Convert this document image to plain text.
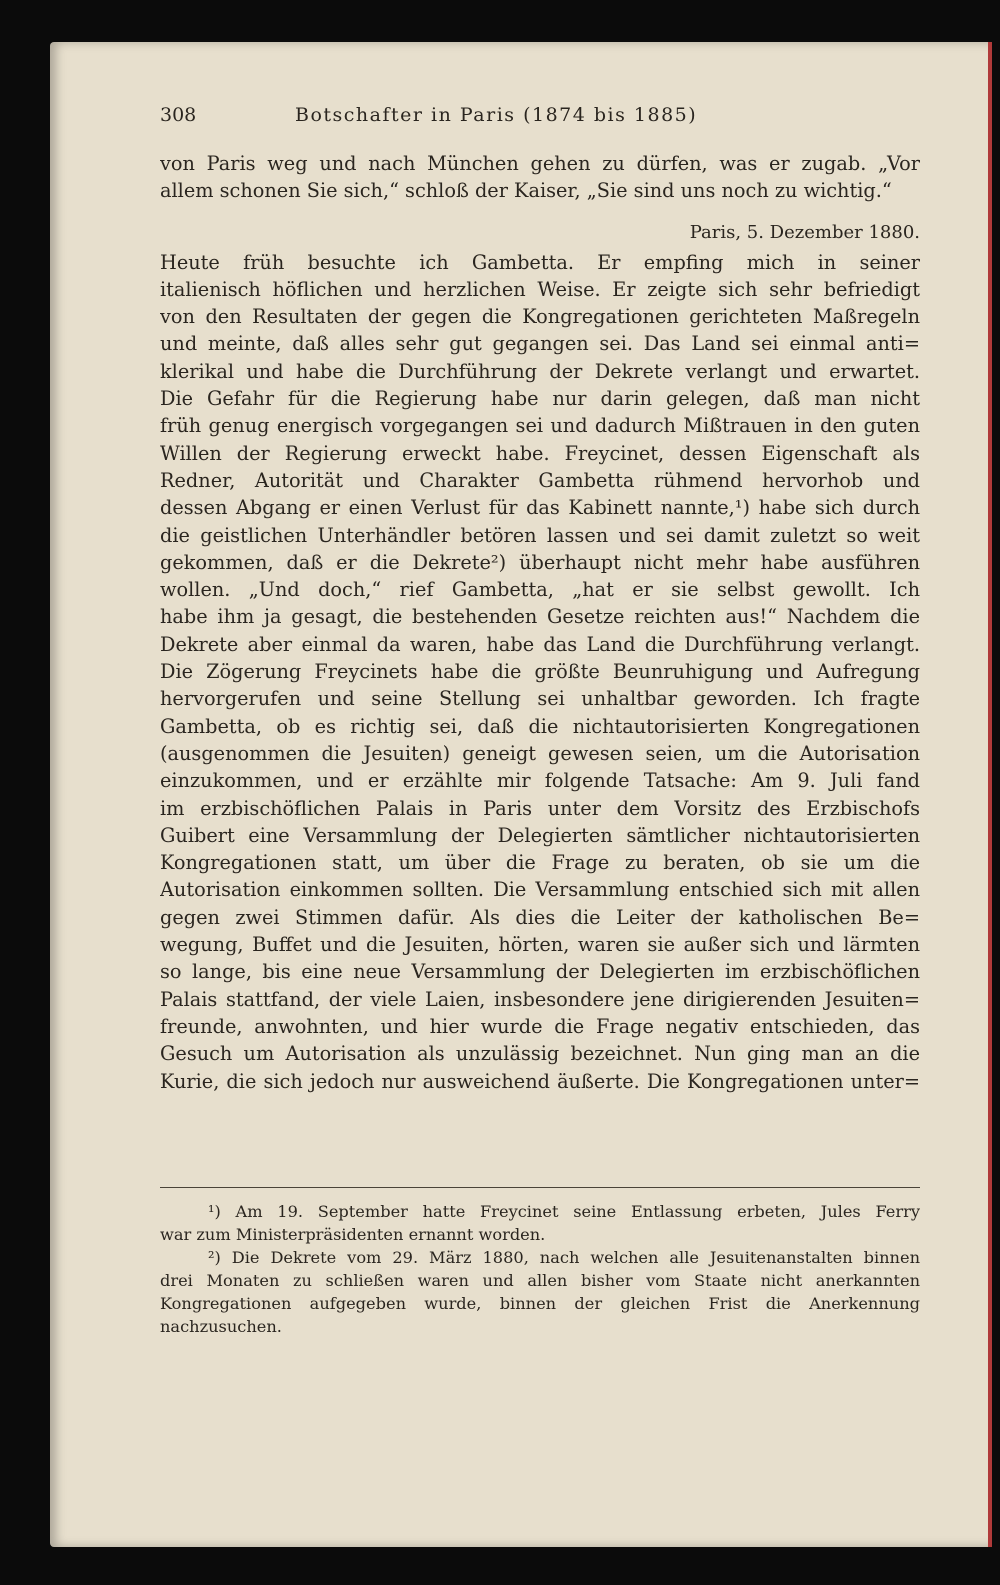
308	Botschafter in Paris (1874 bis 1885)
von Paris weg und nach München gehen zu dürfen, was er zugab. „Vor
allem schonen Sie sich,“ schloß der Kaiser, „Sie sind uns noch zu wichtig.“
Paris, 5. Dezember 1880.
Heute früh besuchte ich Gambetta. Er empfing mich in seiner
italienisch höflichen und herzlichen Weise. Er zeigte sich sehr befriedigt
von den Resultaten der gegen die Kongregationen gerichteten Maßregeln
und meinte, daß alles sehr gut gegangen sei. Das Land sei einmal anti=
klerikal und habe die Durchführung der Dekrete verlangt und erwartet.
Die Gefahr für die Regierung habe nur darin gelegen, daß man nicht
früh genug energisch vorgegangen sei und dadurch Mißtrauen in den guten
Willen der Regierung erweckt habe. Freycinet, dessen Eigenschaft als
Redner, Autorität und Charakter Gambetta rühmend hervorhob und
dessen Abgang er einen Verlust für das Kabinett nannte,¹) habe sich durch
die geistlichen Unterhändler betören lassen und sei damit zuletzt so weit
gekommen, daß er die Dekrete²) überhaupt nicht mehr habe ausführen
wollen. „Und doch,“ rief Gambetta, „hat er sie selbst gewollt. Ich
habe ihm ja gesagt, die bestehenden Gesetze reichten aus!“ Nachdem die
Dekrete aber einmal da waren, habe das Land die Durchführung verlangt.
Die Zögerung Freycinets habe die größte Beunruhigung und Aufregung
hervorgerufen und seine Stellung sei unhaltbar geworden. Ich fragte
Gambetta, ob es richtig sei, daß die nichtautorisierten Kongregationen
(ausgenommen die Jesuiten) geneigt gewesen seien, um die Autorisation
einzukommen, und er erzählte mir folgende Tatsache: Am 9. Juli fand
im erzbischöflichen Palais in Paris unter dem Vorsitz des Erzbischofs
Guibert eine Versammlung der Delegierten sämtlicher nichtautorisierten
Kongregationen statt, um über die Frage zu beraten, ob sie um die
Autorisation einkommen sollten. Die Versammlung entschied sich mit allen
gegen zwei Stimmen dafür. Als dies die Leiter der katholischen Be=
wegung, Buffet und die Jesuiten, hörten, waren sie außer sich und lärmten
so lange, bis eine neue Versammlung der Delegierten im erzbischöflichen
Palais stattfand, der viele Laien, insbesondere jene dirigierenden Jesuiten=
freunde, anwohnten, und hier wurde die Frage negativ entschieden, das
Gesuch um Autorisation als unzulässig bezeichnet. Nun ging man an die
Kurie, die sich jedoch nur ausweichend äußerte. Die Kongregationen unter=
¹) Am 19. September hatte Freycinet seine Entlassung erbeten, Jules Ferry
war zum Ministerpräsidenten ernannt worden.
²) Die Dekrete vom 29. März 1880, nach welchen alle Jesuitenanstalten binnen
drei Monaten zu schließen waren und allen bisher vom Staate nicht anerkannten
Kongregationen aufgegeben wurde, binnen der gleichen Frist die Anerkennung
nachzusuchen.
